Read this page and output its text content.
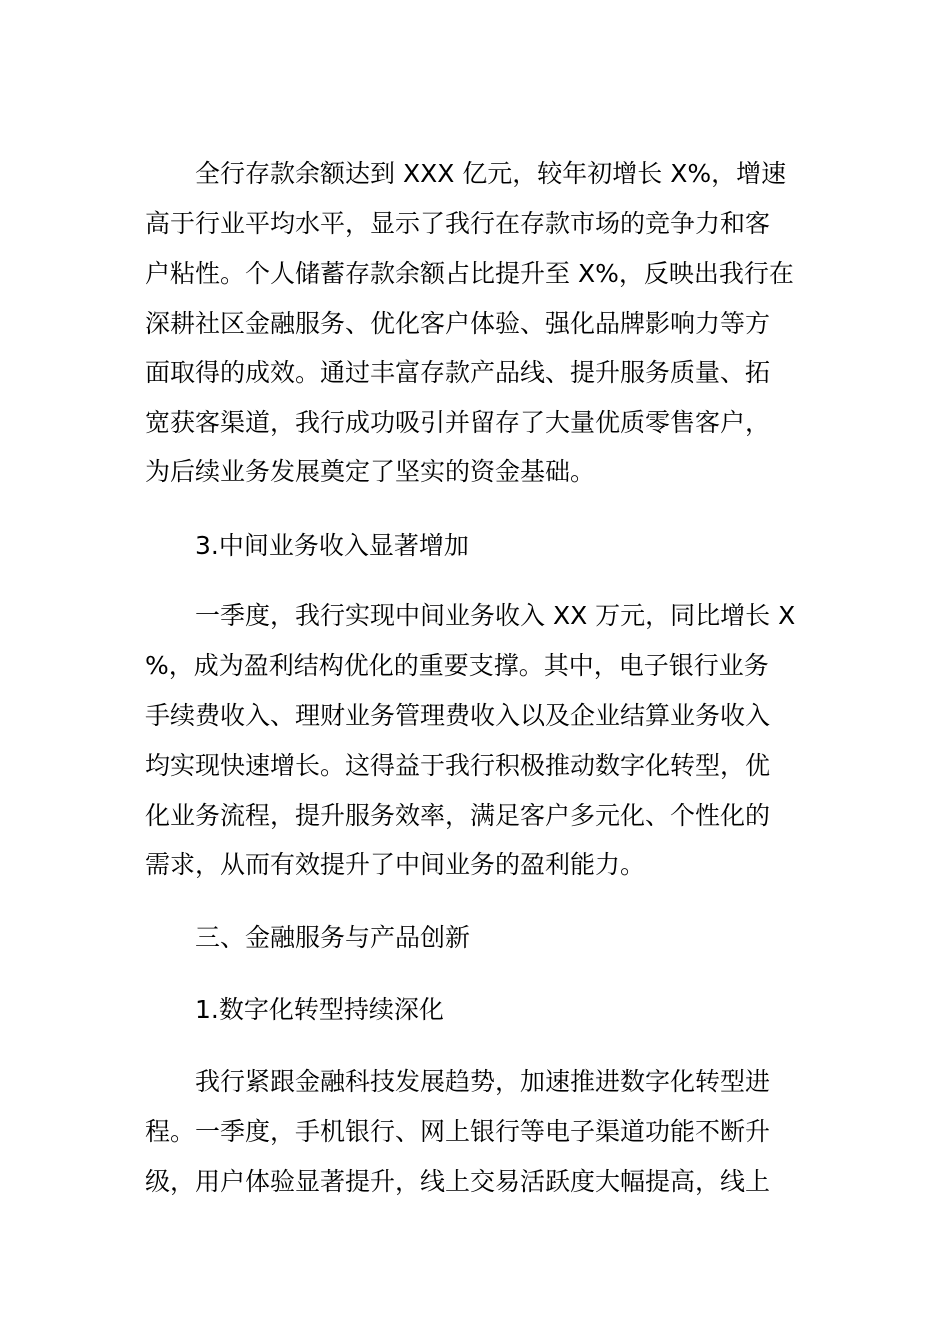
全行存款余额达到 XXX 亿元，较年初增长 X%，增速
高于行业平均水平，显示了我行在存款市场的竞争力和客
户粘性。个人储蓄存款余额占比提升至 X%，反映出我行在
深耕社区金融服务、优化客户体验、强化品牌影响力等方
面取得的成效。通过丰富存款产品线、提升服务质量、拓
宽获客渠道，我行成功吸引并留存了大量优质零售客户，
为后续业务发展奠定了坚实的资金基础。
3.中间业务收入显著增加
一季度，我行实现中间业务收入 XX 万元，同比增长 X
%，成为盈利结构优化的重要支撑。其中，电子银行业务
手续费收入、理财业务管理费收入以及企业结算业务收入
均实现快速增长。这得益于我行积极推动数字化转型，优
化业务流程，提升服务效率，满足客户多元化、个性化的
需求，从而有效提升了中间业务的盈利能力。
三、金融服务与产品创新
1.数字化转型持续深化
我行紧跟金融科技发展趋势，加速推进数字化转型进
程。一季度，手机银行、网上银行等电子渠道功能不断升
级，用户体验显著提升，线上交易活跃度大幅提高，线上
